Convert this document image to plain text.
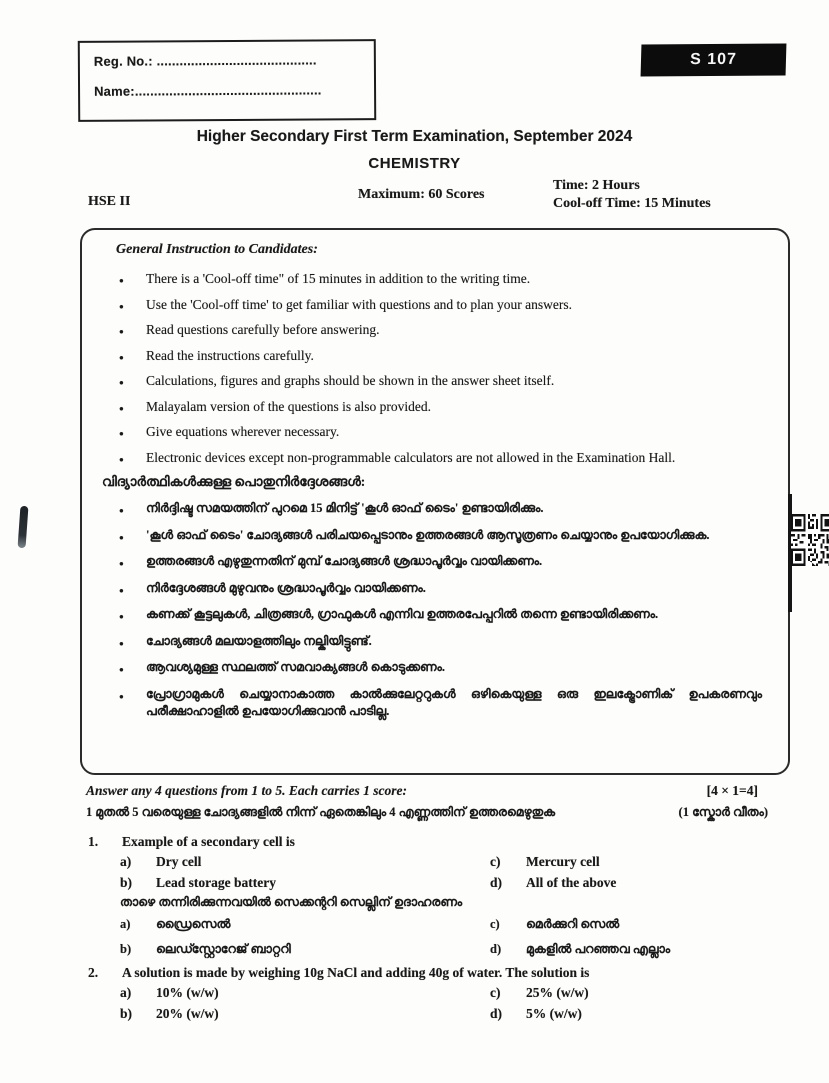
Reg. No.: ..........................................
Name:.................................................
S 107
Higher Secondary First Term Examination, September 2024
CHEMISTRY
HSE II	Maximum: 60 Scores
Time: 2 Hours
Cool-off Time: 15 Minutes
General Instruction to Candidates:
● There is a 'Cool-off time" of 15 minutes in addition to the writing time.
● Use the 'Cool-off time' to get familiar with questions and to plan your answers.
● Read questions carefully before answering.
● Read the instructions carefully.
● Calculations, figures and graphs should be shown in the answer sheet itself.
● Malayalam version of the questions is also provided.
● Give equations wherever necessary.
● Electronic devices except non-programmable calculators are not allowed in the Examination Hall.
വിദ്യാർത്ഥികൾക്കുള്ള പൊതുനിർദ്ദേശങ്ങൾ:
● നിർദ്ദിഷ്ട സമയത്തിന് പുറമെ 15 മിനിട്ട് 'കൂൾ ഓഫ് ടൈം' ഉണ്ടായിരിക്കും.
● 'കൂൾ ഓഫ് ടൈം' ചോദ്യങ്ങൾ പരിചയപ്പെടാനും ഉത്തരങ്ങൾ ആസൂത്രണം ചെയ്യാനും ഉപയോഗിക്കുക.
● ഉത്തരങ്ങൾ എഴുതുന്നതിന് മുമ്പ് ചോദ്യങ്ങൾ ശ്രദ്ധാപൂർവ്വം വായിക്കണം.
● നിർദ്ദേശങ്ങൾ മുഴുവനും ശ്രദ്ധാപൂർവ്വം വായിക്കണം.
● കണക്ക് കൂട്ടലുകൾ, ചിത്രങ്ങൾ, ഗ്രാഫുകൾ എന്നിവ ഉത്തരപേപ്പറിൽ തന്നെ ഉണ്ടായിരിക്കണം.
● ചോദ്യങ്ങൾ മലയാളത്തിലും നല്കിയിട്ടുണ്ട്.
● ആവശ്യമുള്ള സ്ഥലത്ത് സമവാക്യങ്ങൾ കൊടുക്കണം.
● പ്രോഗ്രാമുകൾ ചെയ്യാനാകാത്ത കാൽക്കുലേറ്ററുകൾ ഒഴികെയുള്ള ഒരു ഇലക്ട്രോണിക് ഉപകരണവും പരീക്ഷാഹാളിൽ ഉപയോഗിക്കുവാൻ പാടില്ല.
Answer any 4 questions from 1 to 5. Each carries 1 score:	[4 × 1=4]
1 മുതൽ 5 വരെയുള്ള ചോദ്യങ്ങളിൽ നിന്ന് ഏതെങ്കിലും 4 എണ്ണത്തിന് ഉത്തരമെഴുതുക	(1 സ്കോർ വീതം)
1.	Example of a secondary cell is
a)	Dry cell	c)	Mercury cell
b)	Lead storage battery	d)	All of the above
താഴെ തന്നിരിക്കുന്നവയിൽ സെക്കന്ററി സെല്ലിന് ഉദാഹരണം
a)	ഡ്രൈസെൽ	c)	മെർക്കുറി സെൽ
b)	ലെഡ്സ്റ്റോറേജ് ബാറ്ററി	d)	മുകളിൽ പറഞ്ഞവ എല്ലാം
2.	A solution is made by weighing 10g NaCl and adding 40g of water. The solution is
a)	10% (w/w)	c)	25% (w/w)
b)	20% (w/w)	d)	5% (w/w)
